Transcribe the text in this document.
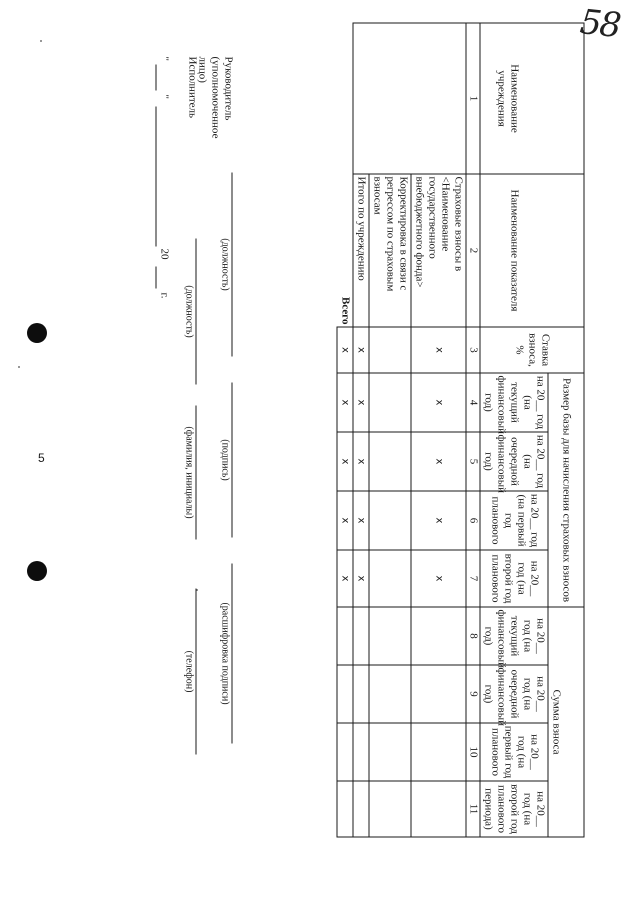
58
5
Наименование учреждения	Наименование показателя	Ставка взноса, %	Размер базы для начисления страховых взносов				Сумма взноса			
			на 20__ год (на текущий финансовый год)	на 20__ год (на очередной финансовый год)	на 20__ год (на первый год планового	на 20__ год (на второй год планового	на 20__ год (на текущий финансовый год)	на 20__ год (на очередной финансовый год)	на 20__ год (на первый год планового	на 20__ год (на второй год планового периода)
1	2	3	4	5	6	7	8	9	10	11
	Страховые взносы в <Наименование государственного внебюджетного фонда>	x	x	x	x	x				
	Корректировка в связи с регрессом по страховым взносам									
	Итого по учреждению	x	x	x	x	x				
	Всего	x	x	x	x	x				
Руководитель (уполномоченное лицо)
(должность)
(подпись)
(расшифровка подписи)
Исполнитель
(должность)
(фамилия, инициалы)
(телефон)
"
"
20
г.
